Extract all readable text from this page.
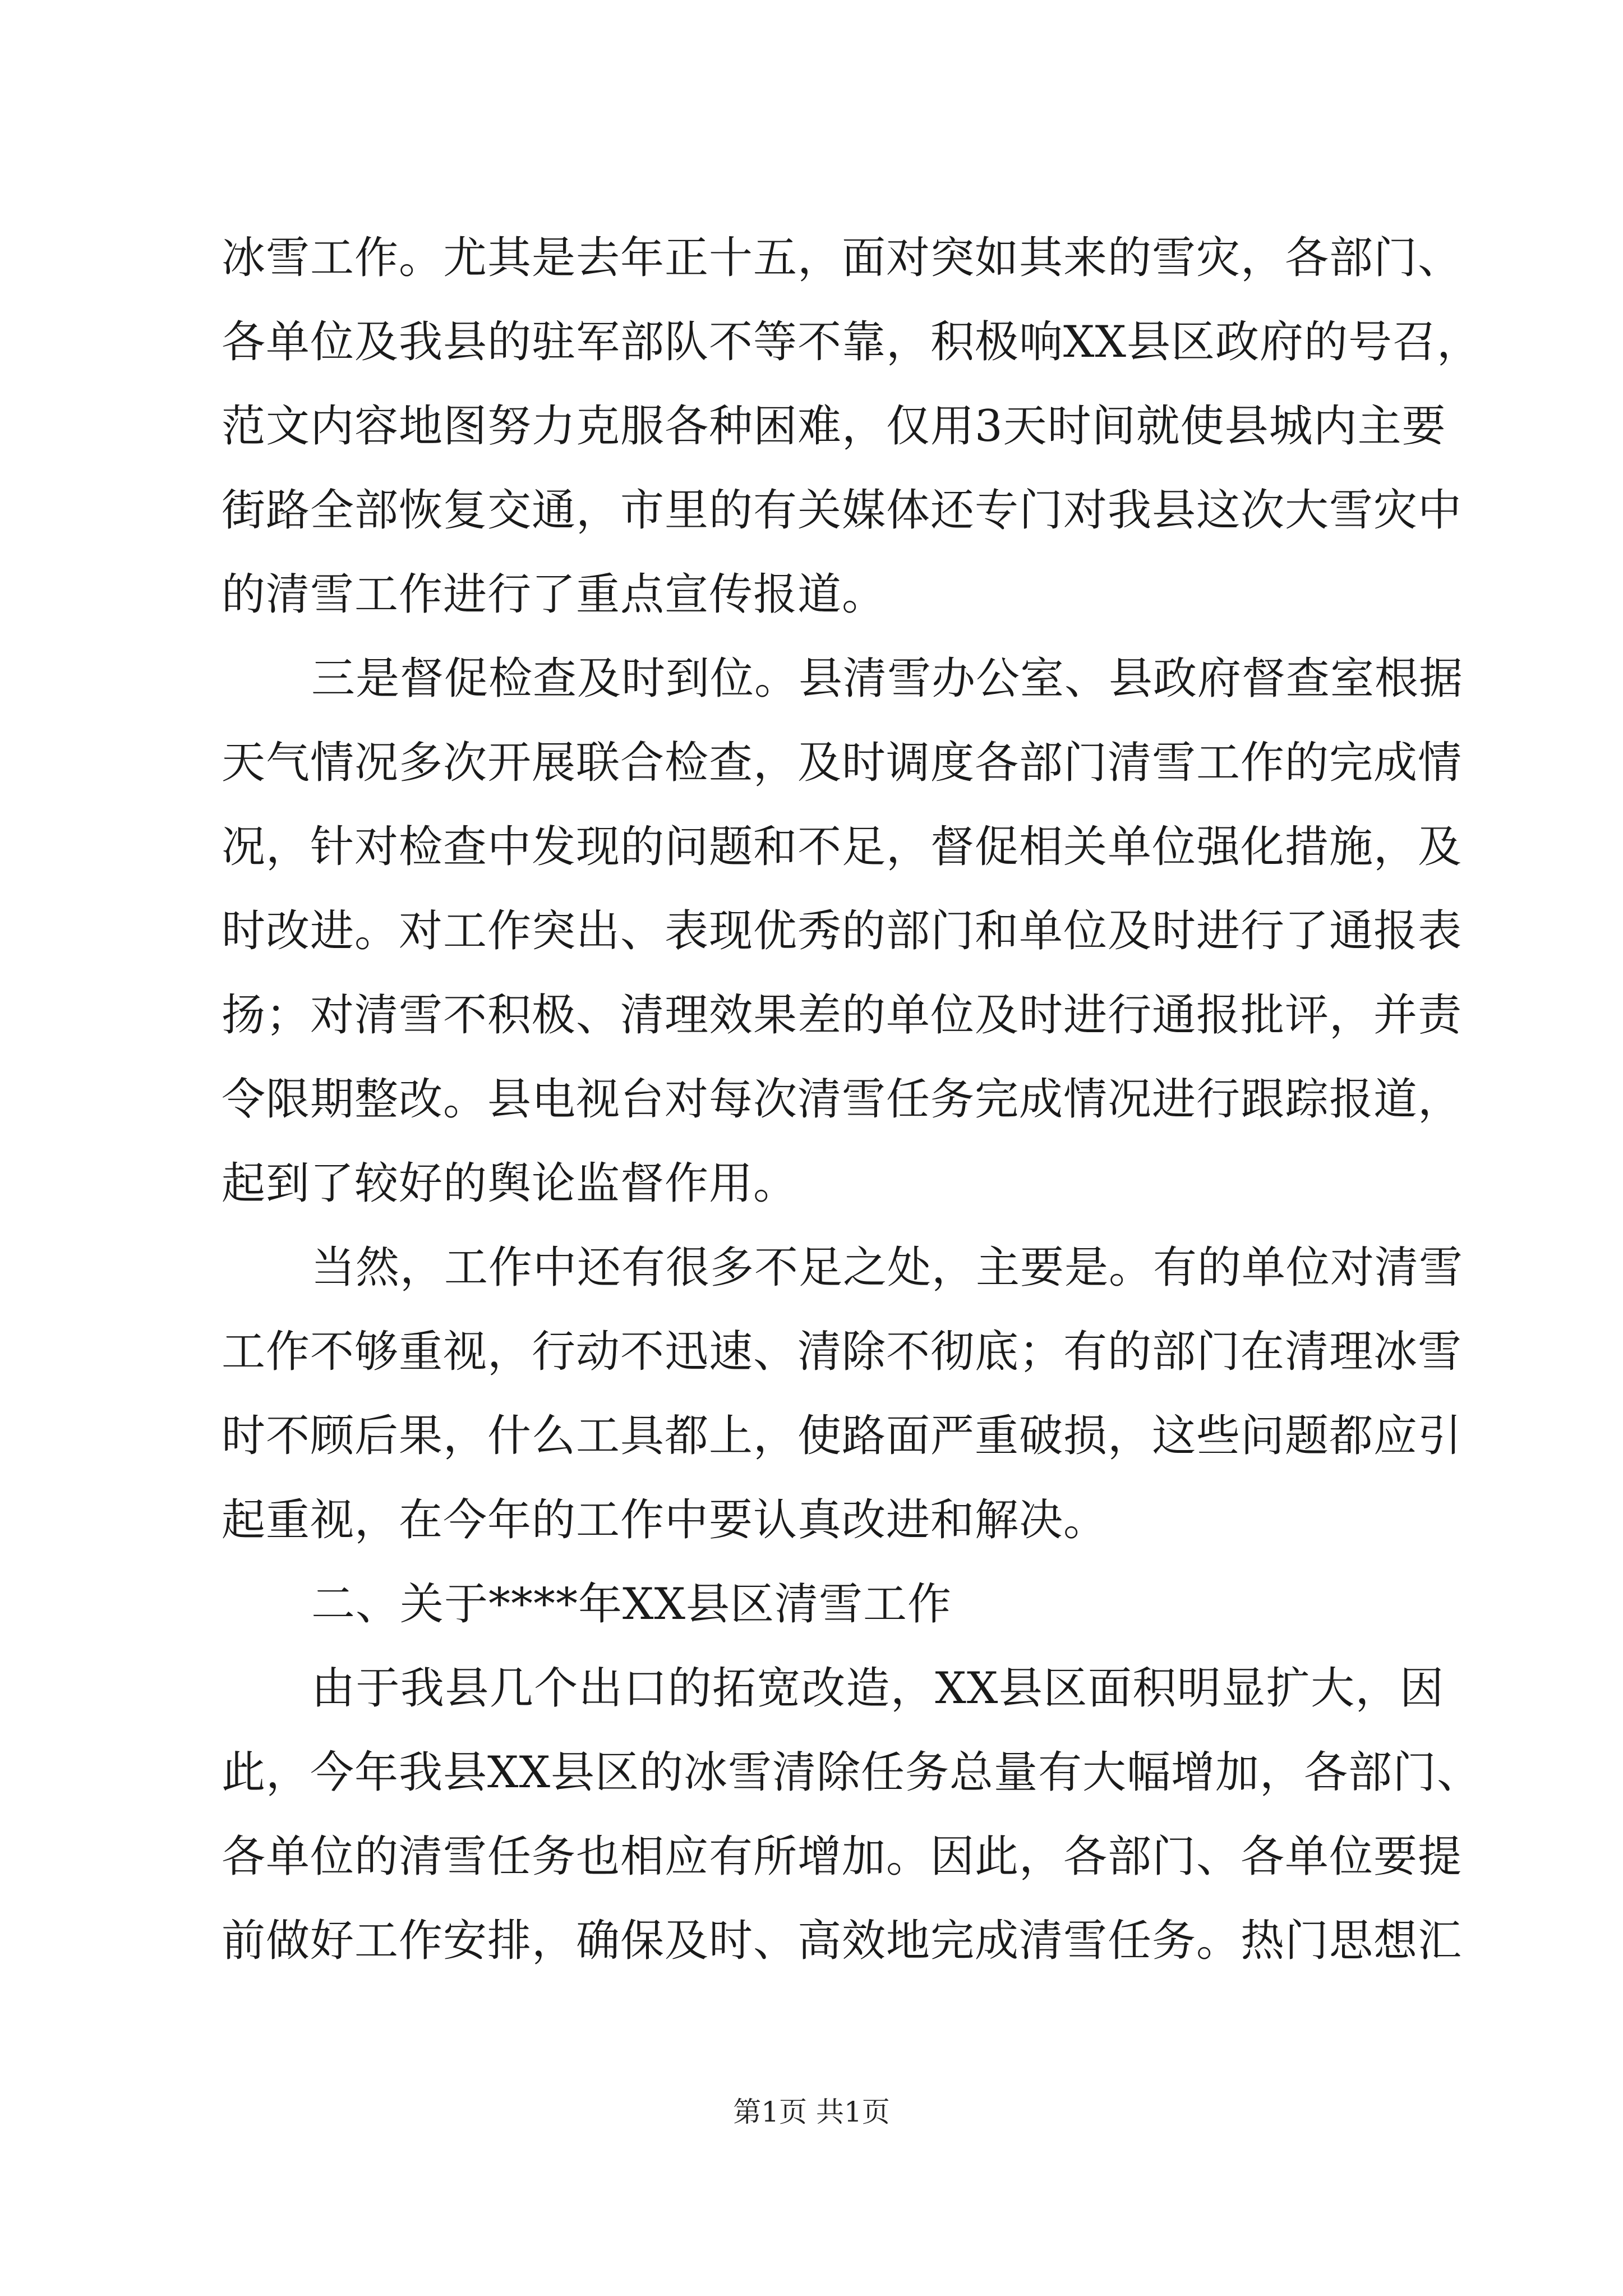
冰雪工作。尤其是去年正十五，面对突如其来的雪灾，各部门、
各单位及我县的驻军部队不等不靠，积极响XX县区政府的号召，
范文内容地图努力克服各种困难，仅用3天时间就使县城内主要
街路全部恢复交通，市里的有关媒体还专门对我县这次大雪灾中
的清雪工作进行了重点宣传报道。
三是督促检查及时到位。县清雪办公室、县政府督查室根据
天气情况多次开展联合检查，及时调度各部门清雪工作的完成情
况，针对检查中发现的问题和不足，督促相关单位强化措施，及
时改进。对工作突出、表现优秀的部门和单位及时进行了通报表
扬；对清雪不积极、清理效果差的单位及时进行通报批评，并责
令限期整改。县电视台对每次清雪任务完成情况进行跟踪报道，
起到了较好的舆论监督作用。
当然，工作中还有很多不足之处，主要是。有的单位对清雪
工作不够重视，行动不迅速、清除不彻底；有的部门在清理冰雪
时不顾后果，什么工具都上，使路面严重破损，这些问题都应引
起重视，在今年的工作中要认真改进和解决。
二、关于****年XX县区清雪工作
由于我县几个出口的拓宽改造，XX县区面积明显扩大，因
此，今年我县XX县区的冰雪清除任务总量有大幅增加，各部门、
各单位的清雪任务也相应有所增加。因此，各部门、各单位要提
前做好工作安排，确保及时、高效地完成清雪任务。热门思想汇
第1页 共1页
